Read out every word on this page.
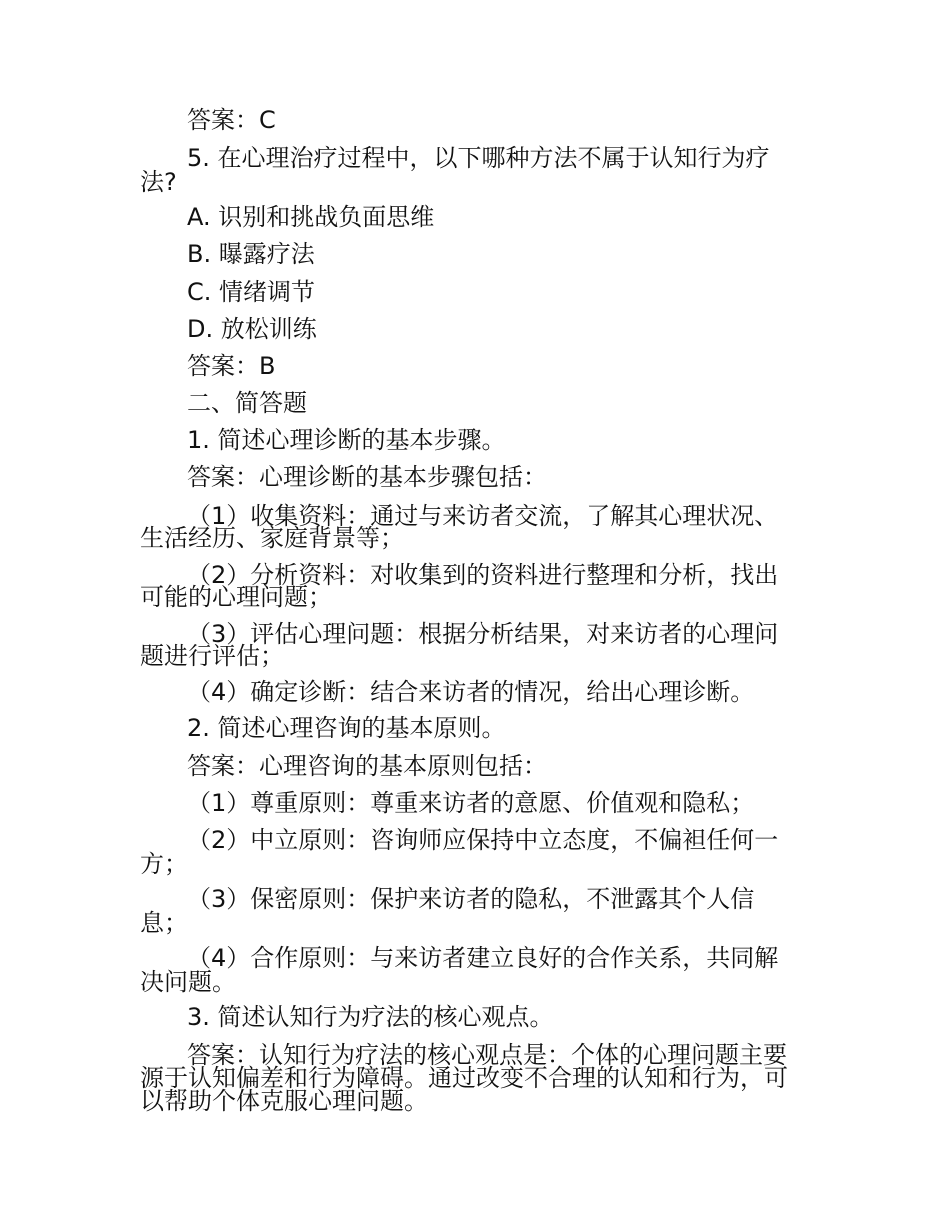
答案：C
5. 在心理治疗过程中，以下哪种方法不属于认知行为疗
法?
A. 识别和挑战负面思维
B. 曝露疗法
C. 情绪调节
D. 放松训练
答案：B
二、简答题
1. 简述心理诊断的基本步骤。
答案：心理诊断的基本步骤包括：
（1）收集资料：通过与来访者交流，了解其心理状况、
生活经历、家庭背景等；
（2）分析资料：对收集到的资料进行整理和分析，找出
可能的心理问题；
（3）评估心理问题：根据分析结果，对来访者的心理问
题进行评估；
（4）确定诊断：结合来访者的情况，给出心理诊断。
2. 简述心理咨询的基本原则。
答案：心理咨询的基本原则包括：
（1）尊重原则：尊重来访者的意愿、价值观和隐私；
（2）中立原则：咨询师应保持中立态度，不偏袒任何一
方；
（3）保密原则：保护来访者的隐私，不泄露其个人信
息；
（4）合作原则：与来访者建立良好的合作关系，共同解
决问题。
3. 简述认知行为疗法的核心观点。
答案：认知行为疗法的核心观点是：个体的心理问题主要
源于认知偏差和行为障碍。通过改变不合理的认知和行为，可
以帮助个体克服心理问题。
